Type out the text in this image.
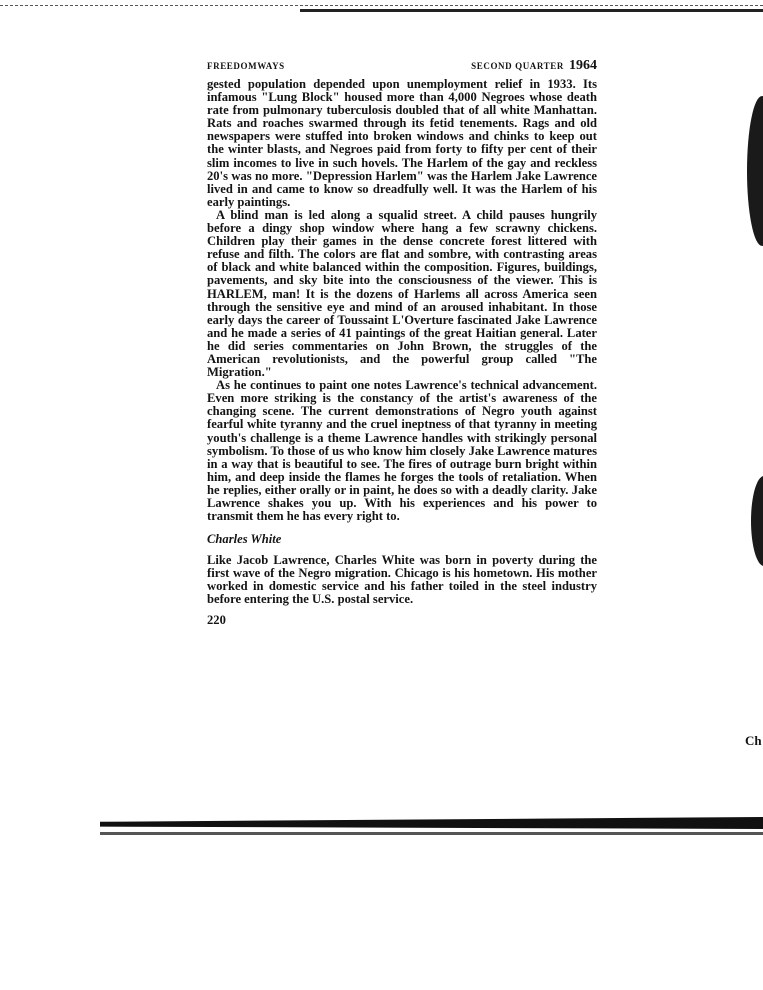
FREEDOMWAYS	SECOND QUARTER 1964

gested population depended upon unemployment relief in 1933. Its infamous "Lung Block" housed more than 4,000 Negroes whose death rate from pulmonary tuberculosis doubled that of all white Manhattan. Rats and roaches swarmed through its fetid tenements. Rags and old newspapers were stuffed into broken windows and chinks to keep out the winter blasts, and Negroes paid from forty to fifty per cent of their slim incomes to live in such hovels. The Harlem of the gay and reckless 20's was no more. "Depression Harlem" was the Harlem Jake Lawrence lived in and came to know so dreadfully well. It was the Harlem of his early paintings.

A blind man is led along a squalid street. A child pauses hungrily before a dingy shop window where hang a few scrawny chickens. Children play their games in the dense concrete forest littered with refuse and filth. The colors are flat and sombre, with contrasting areas of black and white balanced within the composition. Figures, buildings, pavements, and sky bite into the consciousness of the viewer. This is HARLEM, man! It is the dozens of Harlems all across America seen through the sensitive eye and mind of an aroused inhabitant. In those early days the career of Toussaint L'Overture fascinated Jake Lawrence and he made a series of 41 paintings of the great Haitian general. Later he did series commentaries on John Brown, the struggles of the American revolutionists, and the powerful group called "The Migration."

As he continues to paint one notes Lawrence's technical advancement. Even more striking is the constancy of the artist's awareness of the changing scene. The current demonstrations of Negro youth against fearful white tyranny and the cruel ineptness of that tyranny in meeting youth's challenge is a theme Lawrence handles with strikingly personal symbolism. To those of us who know him closely Jake Lawrence matures in a way that is beautiful to see. The fires of outrage burn bright within him, and deep inside the flames he forges the tools of retaliation. When he replies, either orally or in paint, he does so with a deadly clarity. Jake Lawrence shakes you up. With his experiences and his power to transmit them he has every right to.

Charles White

Like Jacob Lawrence, Charles White was born in poverty during the first wave of the Negro migration. Chicago is his hometown. His mother worked in domestic service and his father toiled in the steel industry before entering the U.S. postal service.

220
Ch
